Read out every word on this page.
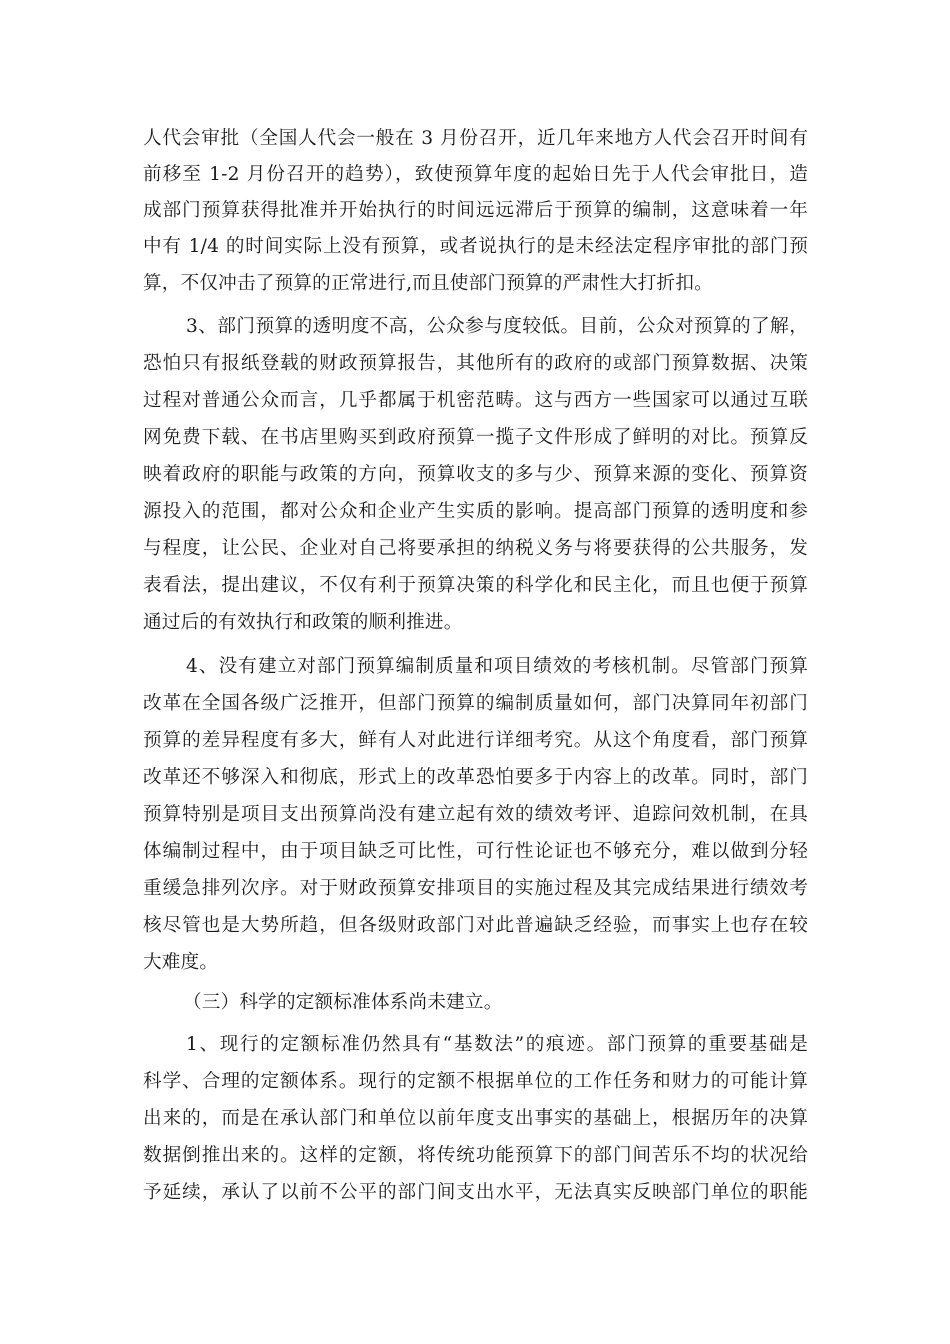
人代会审批（全国人代会一般在 3 月份召开，近几年来地方人代会召开时间有
前移至 1-2 月份召开的趋势），致使预算年度的起始日先于人代会审批日，造
成部门预算获得批准并开始执行的时间远远滞后于预算的编制，这意味着一年
中有 1/4 的时间实际上没有预算，或者说执行的是未经法定程序审批的部门预
算，不仅冲击了预算的正常进行,而且使部门预算的严肃性大打折扣。
3、部门预算的透明度不高，公众参与度较低。目前，公众对预算的了解，
恐怕只有报纸登载的财政预算报告，其他所有的政府的或部门预算数据、决策
过程对普通公众而言，几乎都属于机密范畴。这与西方一些国家可以通过互联
网免费下载、在书店里购买到政府预算一揽子文件形成了鲜明的对比。预算反
映着政府的职能与政策的方向，预算收支的多与少、预算来源的变化、预算资
源投入的范围，都对公众和企业产生实质的影响。提高部门预算的透明度和参
与程度，让公民、企业对自己将要承担的纳税义务与将要获得的公共服务，发
表看法，提出建议，不仅有利于预算决策的科学化和民主化，而且也便于预算
通过后的有效执行和政策的顺利推进。
4、没有建立对部门预算编制质量和项目绩效的考核机制。尽管部门预算
改革在全国各级广泛推开，但部门预算的编制质量如何，部门决算同年初部门
预算的差异程度有多大，鲜有人对此进行详细考究。从这个角度看，部门预算
改革还不够深入和彻底，形式上的改革恐怕要多于内容上的改革。同时，部门
预算特别是项目支出预算尚没有建立起有效的绩效考评、追踪问效机制，在具
体编制过程中，由于项目缺乏可比性，可行性论证也不够充分，难以做到分轻
重缓急排列次序。对于财政预算安排项目的实施过程及其完成结果进行绩效考
核尽管也是大势所趋，但各级财政部门对此普遍缺乏经验，而事实上也存在较
大难度。
（三）科学的定额标准体系尚未建立。
1、现行的定额标准仍然具有“基数法”的痕迹。部门预算的重要基础是
科学、合理的定额体系。现行的定额不根据单位的工作任务和财力的可能计算
出来的，而是在承认部门和单位以前年度支出事实的基础上，根据历年的决算
数据倒推出来的。这样的定额，将传统功能预算下的部门间苦乐不均的状况给
予延续，承认了以前不公平的部门间支出水平，无法真实反映部门单位的职能
